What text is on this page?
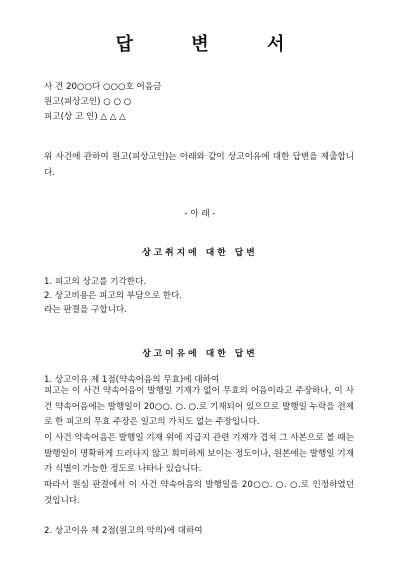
답 변 서
사 건 20○○다 ○○○호 어음금
원고(피상고인) ○ ○ ○
피고(상 고 인) △ △ △
위 사건에 관하여 원고(피상고인)는 아래와 같이 상고이유에 대한 답변을 제출합니다.
- 아 래 -
상고취지에 대한 답변
1. 피고의 상고를 기각한다.
2. 상고비용은 피고의 부담으로 한다.
라는 판결을 구합니다.
상고이유에 대한 답변
1. 상고이유 제 1점(약속어음의 무효)에 대하여
피고는 이 사건 약속어음이 발행일 기재가 없어 무효의 어음이라고 주장하나, 이 사건 약속어음에는 발행일이 20○○. ○. ○.로 기재되어 있으므로 발행일 누락을 전제로 한 피고의 무효 주장은 일고의 가치도 없는 주장입니다.
이 사건 약속어음은 발행일 기재 위에 지급지 관련 기재가 겹쳐 그 사본으로 볼 때는 발행일이 명확하게 드러나지 않고 희미하게 보이는 정도이나, 원본에는 발행일 기재가 식별이 가능한 정도로 나타나 있습니다.
따라서 원심 판결에서 이 사건 약속어음의 발행일을 20○○. ○. ○.로 인정하였던 것입니다.
2. 상고이유 제 2점(원고의 악의)에 대하여
